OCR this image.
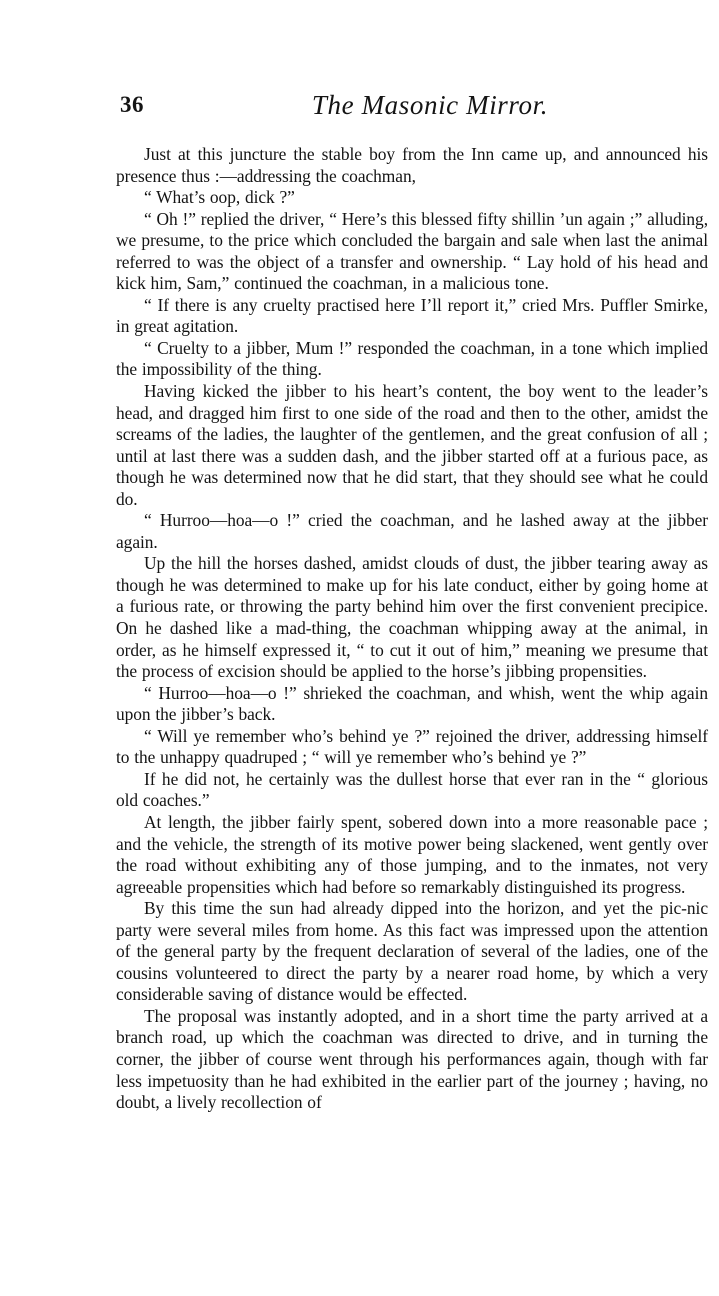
36	The Masonic Mirror.

Just at this juncture the stable boy from the Inn came up, and announced his presence thus :—addressing the coachman,

“ What’s oop, dick ?”

“ Oh !” replied the driver, “ Here’s this blessed fifty shillin ’un again ;” alluding, we presume, to the price which concluded the bargain and sale when last the animal referred to was the object of a transfer and ownership. “ Lay hold of his head and kick him, Sam,” continued the coachman, in a malicious tone.

“ If there is any cruelty practised here I’ll report it,” cried Mrs. Puffler Smirke, in great agitation.

“ Cruelty to a jibber, Mum !” responded the coachman, in a tone which implied the impossibility of the thing.

Having kicked the jibber to his heart’s content, the boy went to the leader’s head, and dragged him first to one side of the road and then to the other, amidst the screams of the ladies, the laughter of the gentlemen, and the great confusion of all ; until at last there was a sudden dash, and the jibber started off at a furious pace, as though he was determined now that he did start, that they should see what he could do.

“ Hurroo—hoa—o !” cried the coachman, and he lashed away at the jibber again.

Up the hill the horses dashed, amidst clouds of dust, the jibber tearing away as though he was determined to make up for his late conduct, either by going home at a furious rate, or throwing the party behind him over the first convenient precipice. On he dashed like a mad-thing, the coachman whipping away at the animal, in order, as he himself expressed it, “ to cut it out of him,” meaning we presume that the process of excision should be applied to the horse’s jibbing propensities.

“ Hurroo—hoa—o !” shrieked the coachman, and whish, went the whip again upon the jibber’s back.

“ Will ye remember who’s behind ye ?” rejoined the driver, addressing himself to the unhappy quadruped ; “ will ye remember who’s behind ye ?”

If he did not, he certainly was the dullest horse that ever ran in the “ glorious old coaches.”

At length, the jibber fairly spent, sobered down into a more reasonable pace ; and the vehicle, the strength of its motive power being slackened, went gently over the road without exhibiting any of those jumping, and to the inmates, not very agreeable propensities which had before so remarkably distinguished its progress.

By this time the sun had already dipped into the horizon, and yet the pic-nic party were several miles from home. As this fact was impressed upon the attention of the general party by the frequent declaration of several of the ladies, one of the cousins volunteered to direct the party by a nearer road home, by which a very considerable saving of distance would be effected.

The proposal was instantly adopted, and in a short time the party arrived at a branch road, up which the coachman was directed to drive, and in turning the corner, the jibber of course went through his performances again, though with far less impetuosity than he had exhibited in the earlier part of the journey ; having, no doubt, a lively recollection of
